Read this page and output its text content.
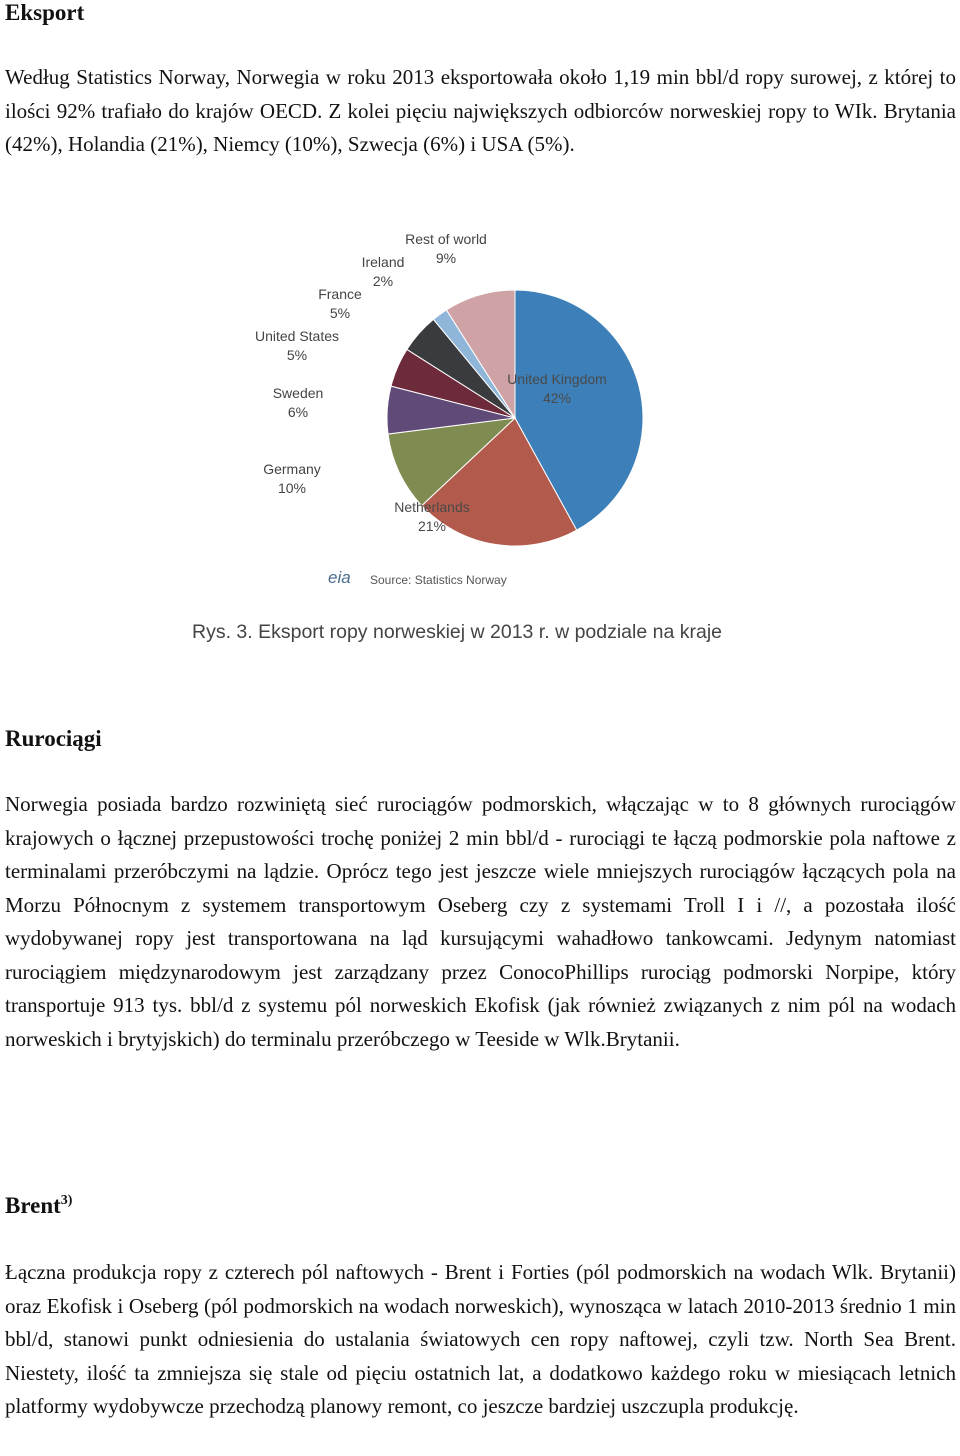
Eksport

Według Statistics Norway, Norwegia w roku 2013 eksportowała około 1,19 min bbl/d ropy surowej, z której to ilości 92% trafiało do krajów OECD. Z kolei pięciu największych odbiorców norweskiej ropy to WIk. Brytania (42%), Holandia (21%), Niemcy (10%), Szwecja (6%) i USA (5%).

United Kingdom
42%
Netherlands
21%
Germany
10%
Sweden
6%
United States
5%
France
5%
Ireland
2%
Rest of world
9%
eia Source: Statistics Norway
Rys. 3. Eksport ropy norweskiej w 2013 r. w podziale na kraje
Rurociągi

Norwegia posiada bardzo rozwiniętą sieć rurociągów podmorskich, włączając w to 8 głównych rurociągów krajowych o łącznej przepustowości trochę poniżej 2 min bbl/d - rurociągi te łączą podmorskie pola naftowe z terminalami przeróbczymi na lądzie. Oprócz tego jest jeszcze wiele mniejszych rurociągów łączących pola na Morzu Północnym z systemem transportowym Oseberg czy z systemami Troll I i //, a pozostała ilość wydobywanej ropy jest transportowana na ląd kursującymi wahadłowo tankowcami. Jedynym natomiast rurociągiem międzynarodowym jest zarządzany przez ConocoPhillips rurociąg podmorski Norpipe, który transportuje 913 tys. bbl/d z systemu pól norweskich Ekofisk (jak również związanych z nim pól na wodach norweskich i brytyjskich) do terminalu przeróbczego w Teeside w Wlk.Brytanii.

Brent$^{3)}$

Łączna produkcja ropy z czterech pól naftowych - Brent i Forties (pól podmorskich na wodach Wlk. Brytanii) oraz Ekofisk i Oseberg (pól podmorskich na wodach norweskich), wynosząca w latach 2010-2013 średnio 1 min bbl/d, stanowi punkt odniesienia do ustalania światowych cen ropy naftowej, czyli tzw. North Sea Brent. Niestety, ilość ta zmniejsza się stale od pięciu ostatnich lat, a dodatkowo każdego roku w miesiącach letnich platformy wydobywcze przechodzą planowy remont, co jeszcze bardziej uszczupla produkcję.
